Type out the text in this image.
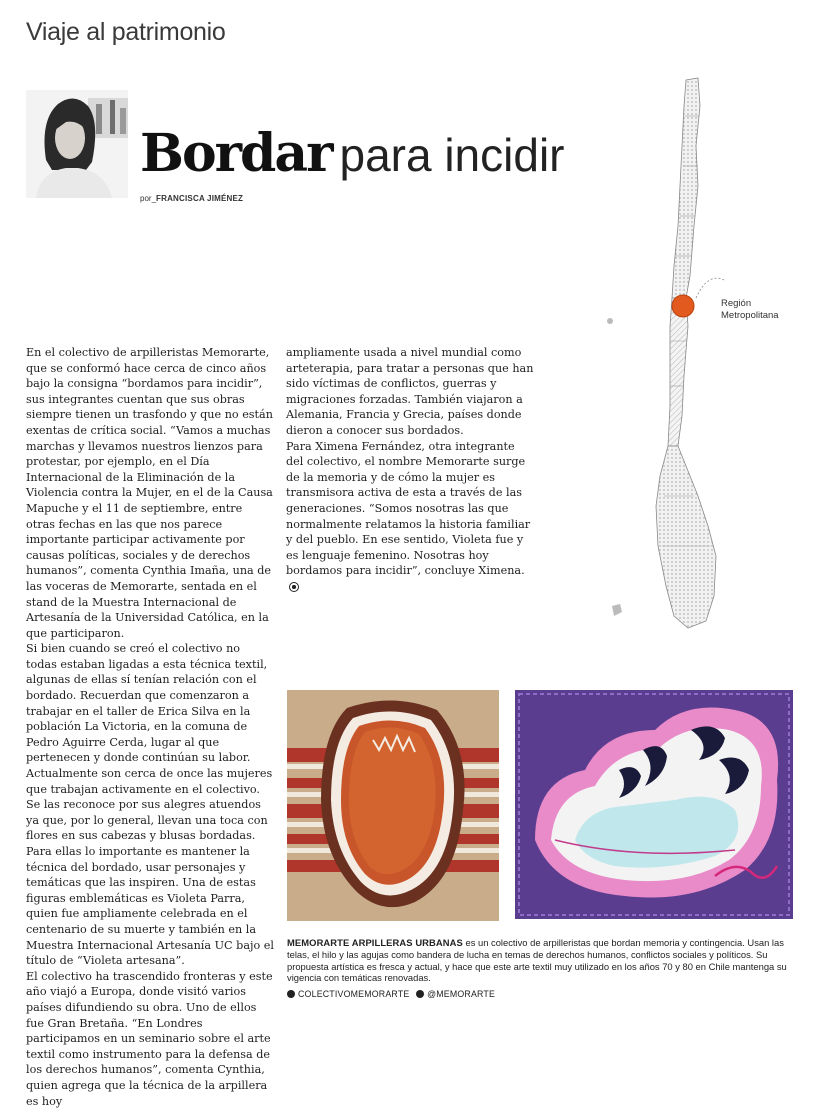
Viaje al patrimonio
Bordar para incidir
por_FRANCISCA JIMÉNEZ

En el colectivo de arpilleristas Memorarte, que se conformó hace cerca de cinco años bajo la consigna “bordamos para incidir”, sus integrantes cuentan que sus obras siempre tienen un trasfondo y que no están exentas de crítica social. “Vamos a muchas marchas y llevamos nuestros lienzos para protestar, por ejemplo, en el Día Internacional de la Eliminación de la Violencia contra la Mujer, en el de la Causa Mapuche y el 11 de septiembre, entre otras fechas en las que nos parece importante participar activamente por causas políticas, sociales y de derechos humanos”, comenta Cynthia Imaña, una de las voceras de Memorarte, sentada en el stand de la Muestra Internacional de Artesanía de la Universidad Católica, en la que participaron.

Si bien cuando se creó el colectivo no todas estaban ligadas a esta técnica textil, algunas de ellas sí tenían relación con el bordado. Recuerdan que comenzaron a trabajar en el taller de Erica Silva en la población La Victoria, en la comuna de Pedro Aguirre Cerda, lugar al que pertenecen y donde continúan su labor. Actualmente son cerca de once las mujeres que trabajan activamente en el colectivo. Se las reconoce por sus alegres atuendos ya que, por lo general, llevan una toca con flores en sus cabezas y blusas bordadas.

Para ellas lo importante es mantener la técnica del bordado, usar personajes y temáticas que las inspiren. Una de estas figuras emblemáticas es Violeta Parra, quien fue ampliamente celebrada en el centenario de su muerte y también en la Muestra Internacional Artesanía UC bajo el título de “Violeta artesana”.

El colectivo ha trascendido fronteras y este año viajó a Europa, donde visitó varios países difundiendo su obra. Uno de ellos fue Gran Bretaña. “En Londres participamos en un seminario sobre el arte textil como instrumento para la defensa de los derechos humanos”, comenta Cynthia, quien agrega que la técnica de la arpillera es hoy

ampliamente usada a nivel mundial como arteterapia, para tratar a personas que han sido víctimas de conflictos, guerras y migraciones forzadas. También viajaron a Alemania, Francia y Grecia, países donde dieron a conocer sus bordados.

Para Ximena Fernández, otra integrante del colectivo, el nombre Memorarte surge de la memoria y de cómo la mujer es transmisora activa de esta a través de las generaciones. “Somos nosotras las que normalmente relatamos la historia familiar y del pueblo. En ese sentido, Violeta fue y es lenguaje femenino. Nosotras hoy bordamos para incidir”, concluye Ximena.

Región
Metropolitana
MEMORARTE ARPILLERAS URBANAS es un colectivo de arpilleristas que bordan memoria y contingencia. Usan las telas, el hilo y las agujas como bandera de lucha en temas de derechos humanos, conflictos sociales y políticos. Su propuesta artística es fresca y actual, y hace que este arte textil muy utilizado en los años 70 y 80 en Chile mantenga su vigencia con temáticas renovadas.
COLECTIVOMEMORARTE @MEMORARTE
